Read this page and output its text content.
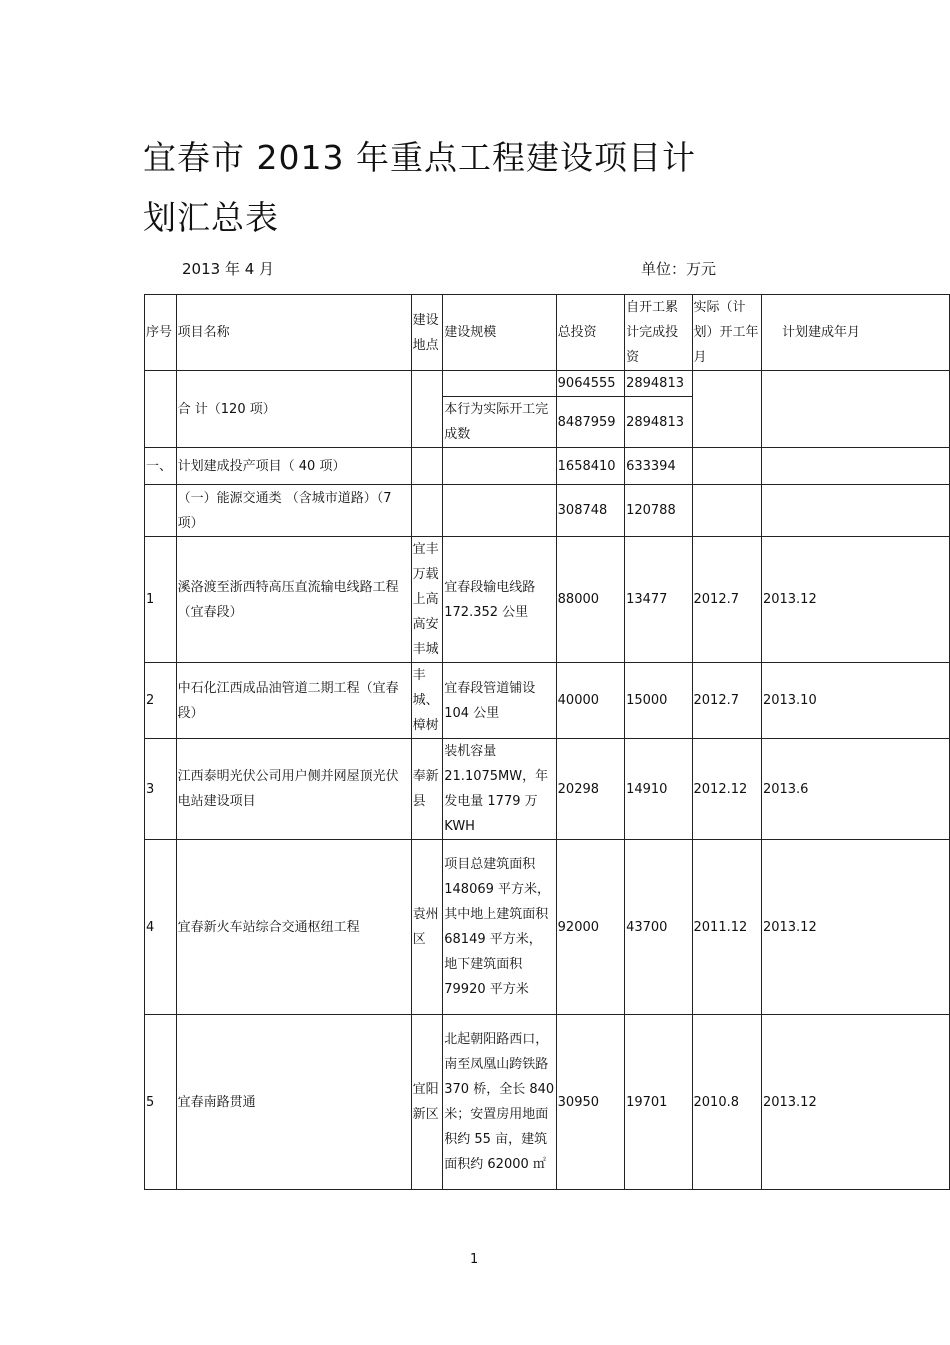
宜春市 2013 年重点工程建设项目计
划汇总表
2013 年 4 月	单位：万元
序号	项目名称	建设地点	建设规模	总投资	自开工累计完成投资	实际（计划）开工年月	计划建成年月
	合 计（120 项）			9064555	2894813		
			本行为实际开工完成数	8487959	2894813		
一、	计划建成投产项目（ 40 项）			1658410	633394		
	（一）能源交通类 （含城市道路）（7 项）			308748	120788		
1	溪洛渡至浙西特高压直流输电线路工程（宜春段）	宜丰万载上高高安丰城	宜春段输电线路 172.352 公里	88000	13477	2012.7	2013.12
2	中石化江西成品油管道二期工程（宜春段）	丰城、樟树	宜春段管道铺设 104 公里	40000	15000	2012.7	2013.10
3	江西泰明光伏公司用户侧并网屋顶光伏电站建设项目	奉新县	装机容量 21.1075MW，年发电量 1779 万 KWH	20298	14910	2012.12	2013.6
4	宜春新火车站综合交通枢纽工程	袁州区	项目总建筑面积 148069 平方米，其中地上建筑面积 68149 平方米，地下建筑面积 79920 平方米	92000	43700	2011.12	2013.12
5	宜春南路贯通	宜阳新区	北起朝阳路西口，南至凤凰山跨铁路 370 桥，全长 840 米；安置房用地面积约 55 亩，建筑面积约 62000 ㎡	30950	19701	2010.8	2013.12
1
